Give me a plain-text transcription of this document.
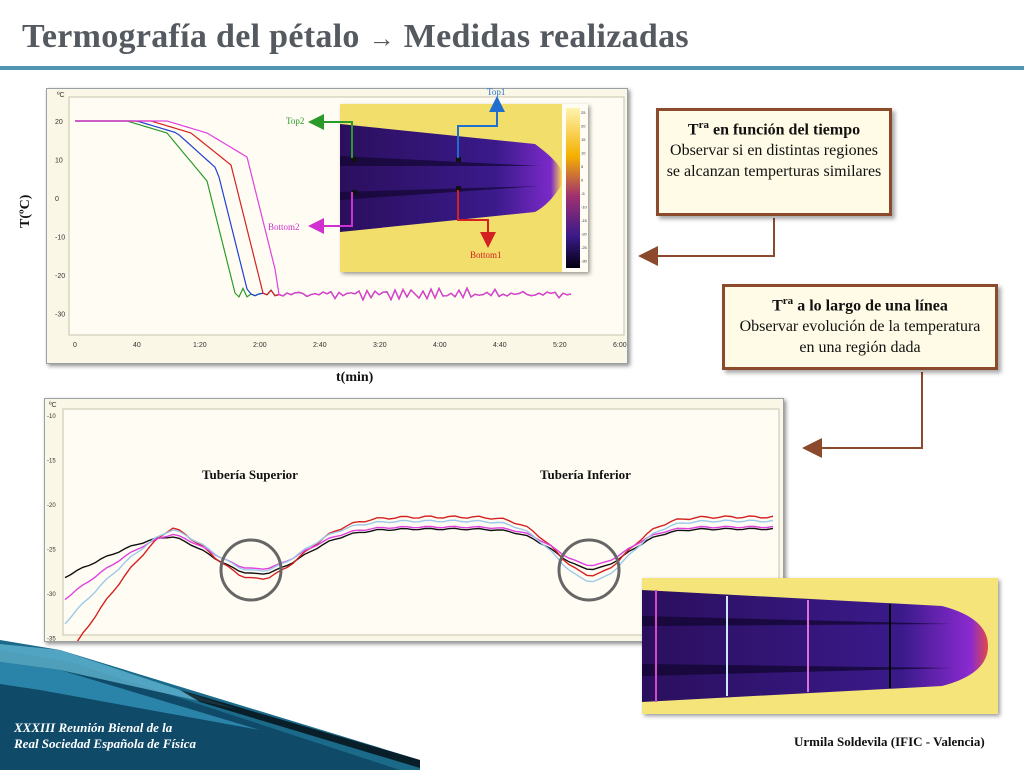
Termografía del pétalo → Medidas realizadas
ºC
20
10
0
-10
-20
-30
0	40	1:20	2:00	2:40	3:20	4:00	4:40	5:20	6:00
T(ºC)
t(min)
25
20
15
10
5
0
-5
-10
-15
-20
-25
-30
Top1
Top2
Bottom1
Bottom2
$T^{ra}$ en función del tiempo
Observar si en distintas regiones se alcanzan temperturas similares
$T^{ra}$ a lo largo de una línea
Observar evolución de la temperatura en una región dada
ºC
-10
-15
-20
-25
-30
-35
Tubería Superior	Tubería Inferior
XXXIII Reunión Bienal de la
Real Sociedad Española de Física	Urmila Soldevila (IFIC - Valencia)
